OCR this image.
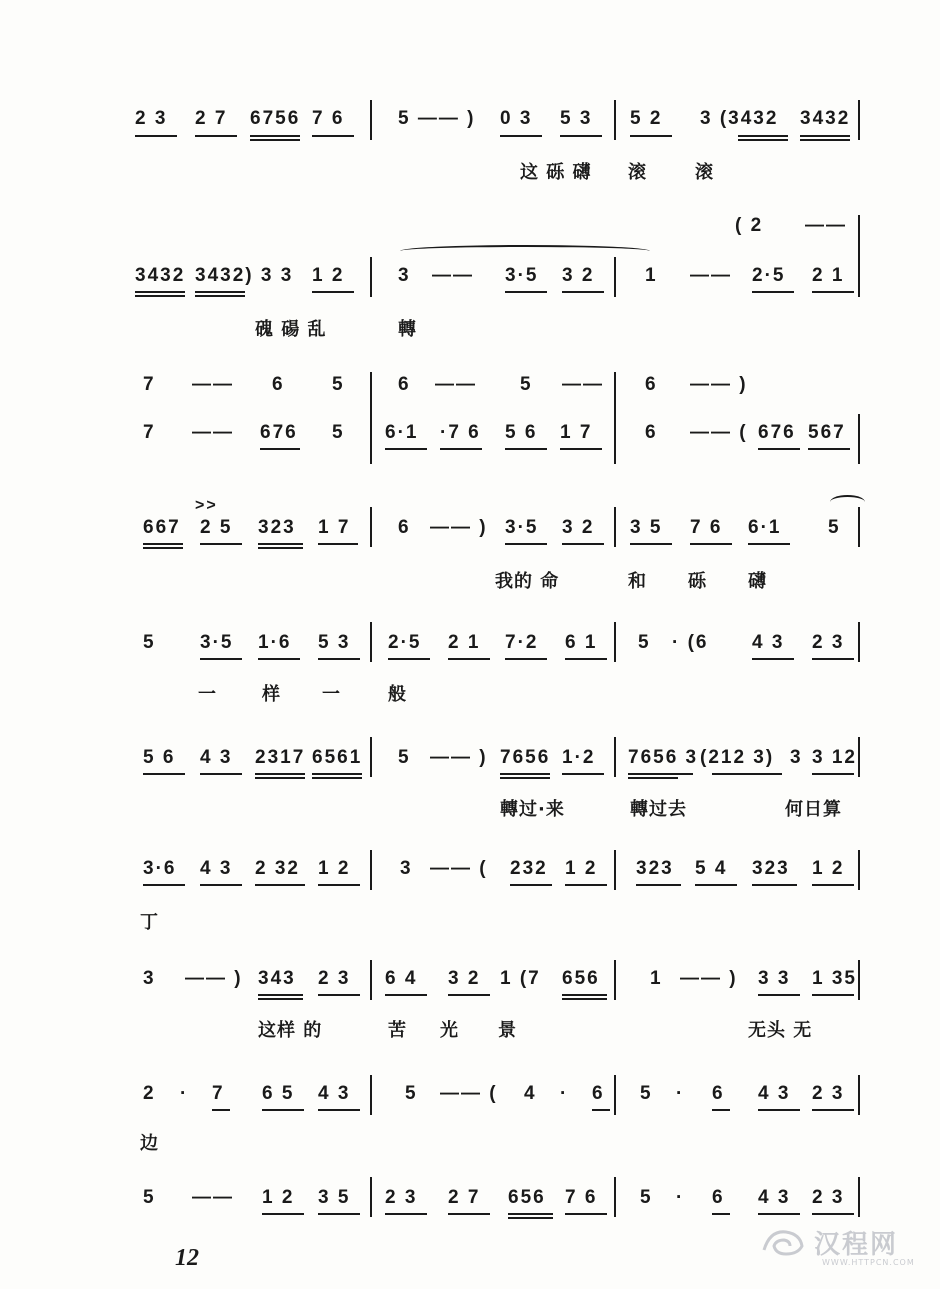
2 3 2 7 6756 7 6	5 —— ) 0 3 5 3 5 2 3 (3432 3432
这 砾 礴 滚	滚
( 2 ——
3432 3432) 3 3 1 2	3 —— 3·5 3 2	1 —— 2·5 2 1
磈 碭 乱	轉
7 —— 6 5	6 —— 5 —— 6 —— )
7 —— 676 5 6·1 ·7 6 5 6 1 7	6 —— ( 676 567
>>
667 2 5 323 1 7	6 —— ) 3·5 3 2 3 5 7 6 6·1 5
我的 命	和 砾 礴
5 3·5 1·6 5 3 2·5 2 1 7·2 6 1 5 · (6 4 3 2 3
一	样 一	般
5 6 4 3 2317 6561 5 —— ) 7656 1·2 7656 3 (212 3) 3 3 12
轉过·来	轉过去	何日算
3·6 4 3 2 32 1 2	3 —— ( 232 1 2 323 5 4 323 1 2
丁
3 —— ) 343 2 3 6 4 3 2 1 (7 656	1 —— ) 3 3 1 35
这样 的	苦 光 景	无头 无
2 · 7 6 5 4 3	5 —— ( 4 · 6 5 · 6 4 3 2 3
边
5 —— 1 2 3 5 2 3 2 7 656 7 6 5 · 6 4 3 2 3
12	汉程网
WWW.HTTPCN.COM
